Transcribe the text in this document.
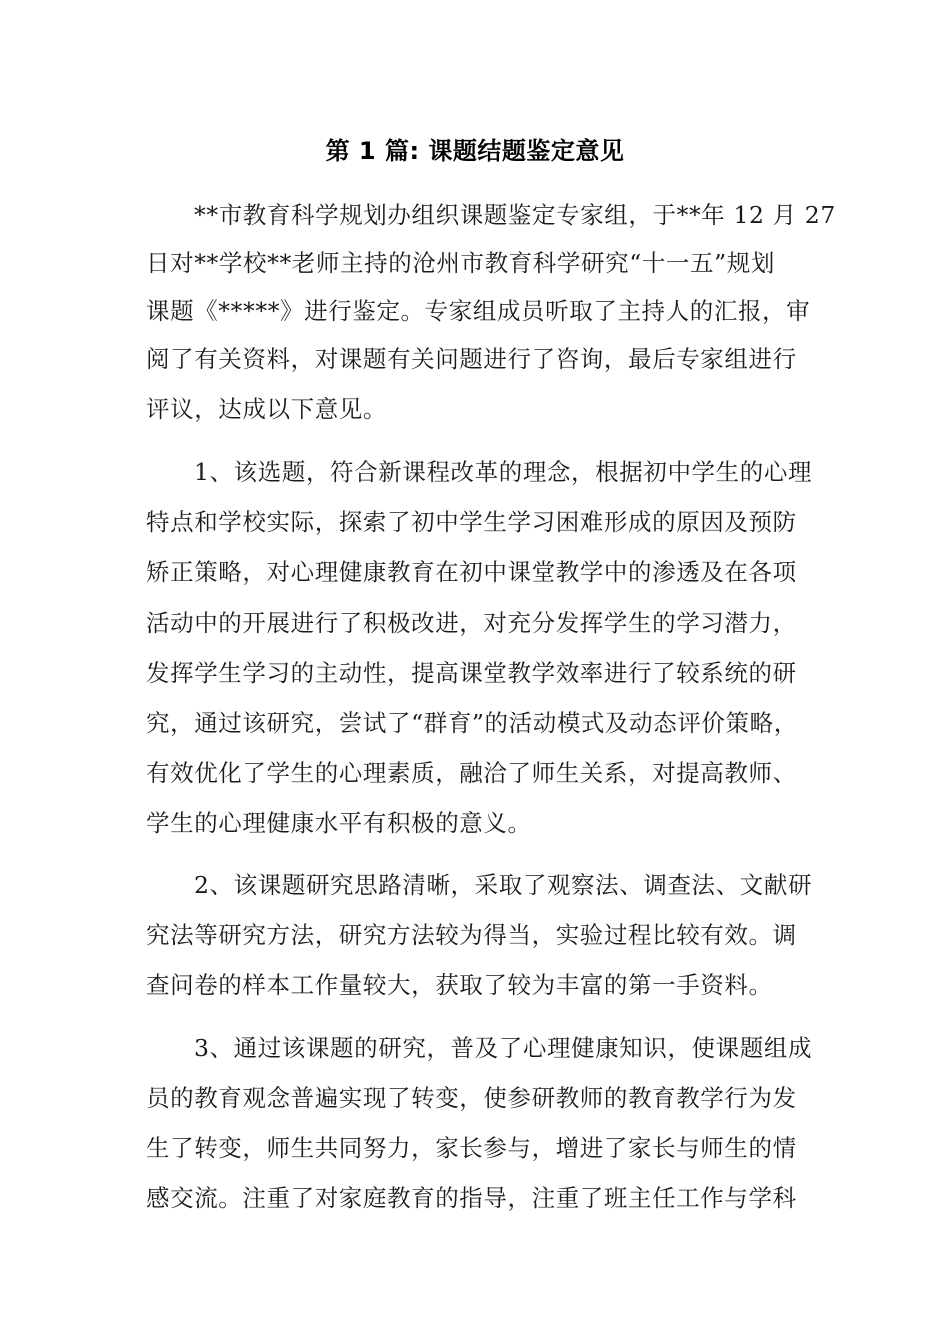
第 1 篇: 课题结题鉴定意见
**市教育科学规划办组织课题鉴定专家组，于**年 12 月 27
日对**学校**老师主持的沧州市教育科学研究“十一五”规划
课题《*****》进行鉴定。专家组成员听取了主持人的汇报，审
阅了有关资料，对课题有关问题进行了咨询，最后专家组进行
评议，达成以下意见。
1、该选题，符合新课程改革的理念，根据初中学生的心理
特点和学校实际，探索了初中学生学习困难形成的原因及预防
矫正策略，对心理健康教育在初中课堂教学中的渗透及在各项
活动中的开展进行了积极改进，对充分发挥学生的学习潜力，
发挥学生学习的主动性，提高课堂教学效率进行了较系统的研
究，通过该研究，尝试了“群育”的活动模式及动态评价策略，
有效优化了学生的心理素质，融洽了师生关系，对提高教师、
学生的心理健康水平有积极的意义。
2、该课题研究思路清晰，采取了观察法、调查法、文献研
究法等研究方法，研究方法较为得当，实验过程比较有效。调
查问卷的样本工作量较大，获取了较为丰富的第一手资料。
3、通过该课题的研究，普及了心理健康知识，使课题组成
员的教育观念普遍实现了转变，使参研教师的教育教学行为发
生了转变，师生共同努力，家长参与，增进了家长与师生的情
感交流。注重了对家庭教育的指导，注重了班主任工作与学科
